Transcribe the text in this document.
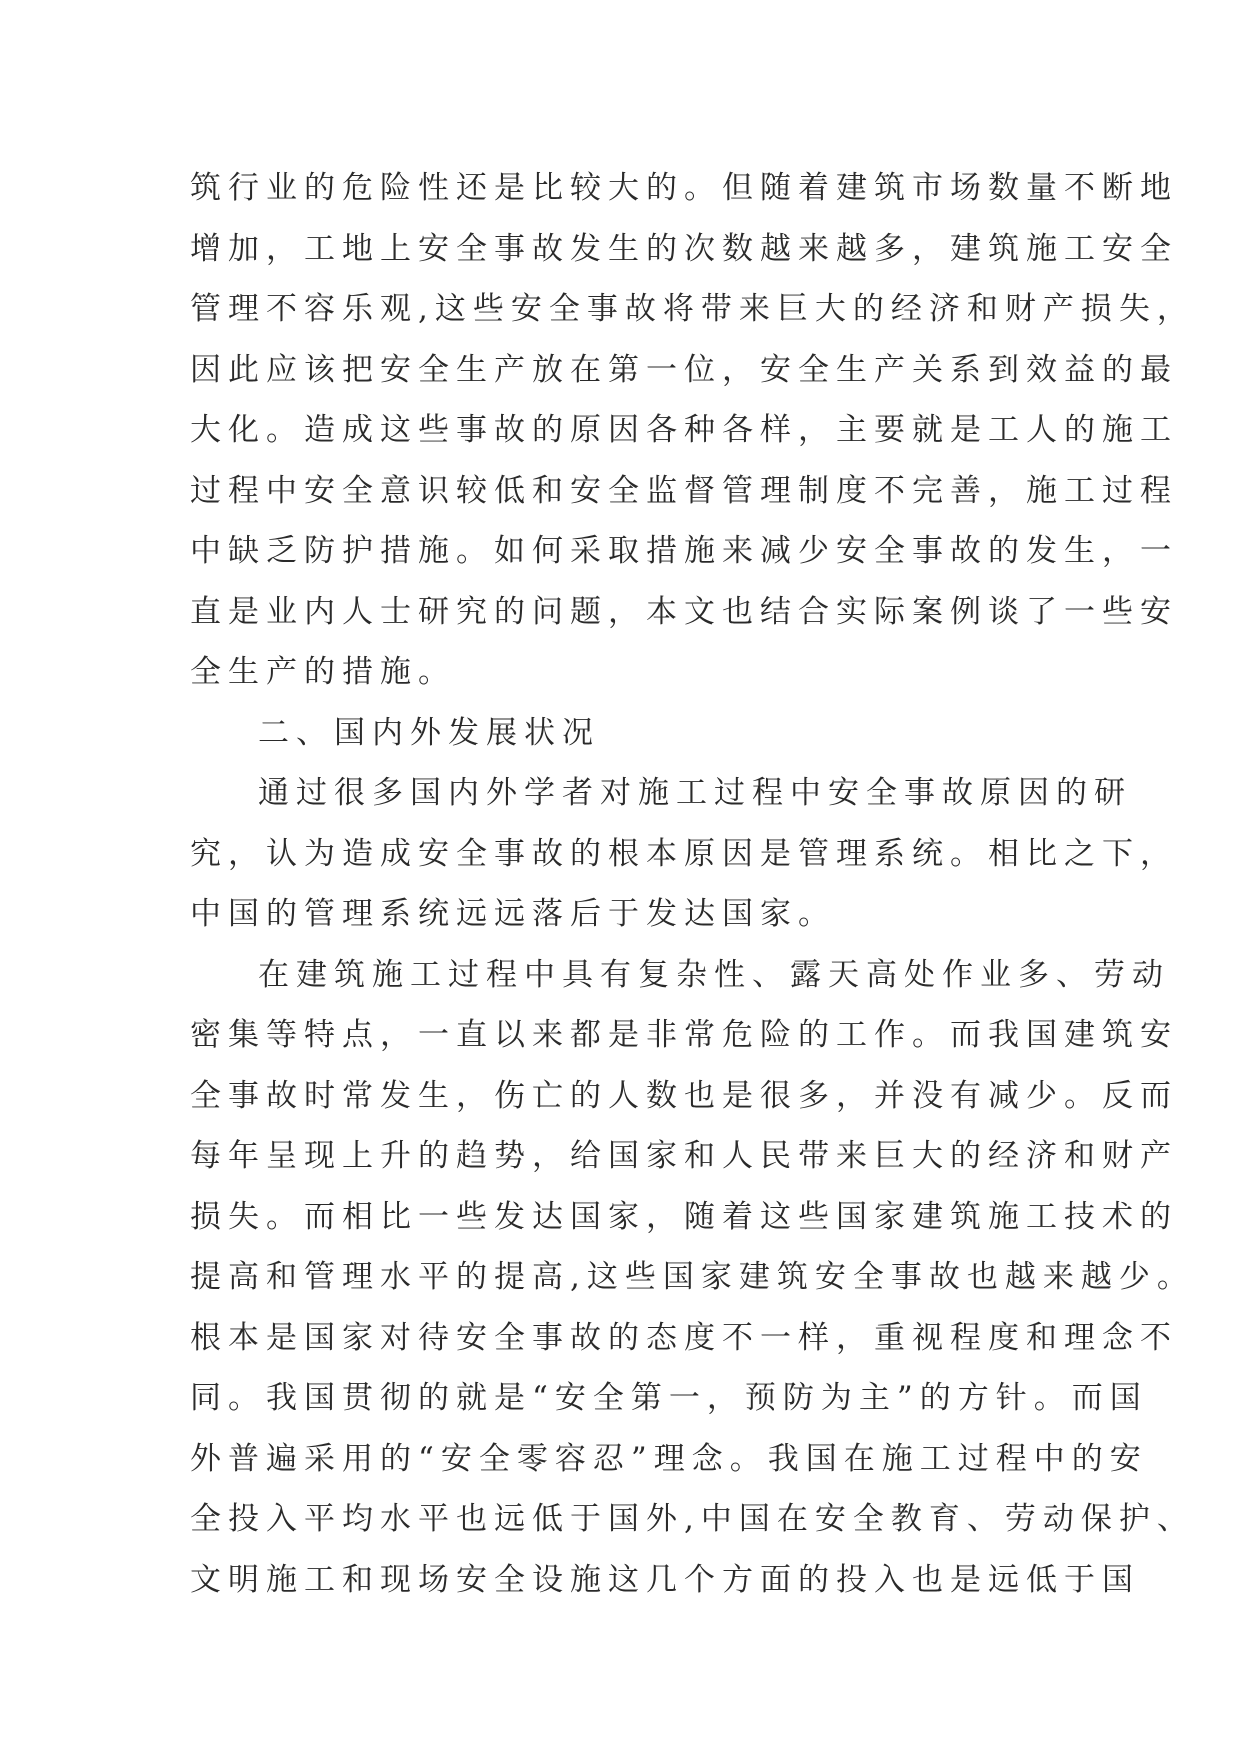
筑行业的危险性还是比较大的。但随着建筑市场数量不断地
增加，工地上安全事故发生的次数越来越多，建筑施工安全
管理不容乐观,这些安全事故将带来巨大的经济和财产损失，
因此应该把安全生产放在第一位，安全生产关系到效益的最
大化。造成这些事故的原因各种各样，主要就是工人的施工
过程中安全意识较低和安全监督管理制度不完善，施工过程
中缺乏防护措施。如何采取措施来减少安全事故的发生，一
直是业内人士研究的问题，本文也结合实际案例谈了一些安
全生产的措施。
二、国内外发展状况
通过很多国内外学者对施工过程中安全事故原因的研
究，认为造成安全事故的根本原因是管理系统。相比之下，
中国的管理系统远远落后于发达国家。
在建筑施工过程中具有复杂性、露天高处作业多、劳动
密集等特点，一直以来都是非常危险的工作。而我国建筑安
全事故时常发生，伤亡的人数也是很多，并没有减少。反而
每年呈现上升的趋势，给国家和人民带来巨大的经济和财产
损失。而相比一些发达国家，随着这些国家建筑施工技术的
提高和管理水平的提高,这些国家建筑安全事故也越来越少。
根本是国家对待安全事故的态度不一样，重视程度和理念不
同。我国贯彻的就是“安全第一，预防为主”的方针。而国
外普遍采用的“安全零容忍”理念。我国在施工过程中的安
全投入平均水平也远低于国外,中国在安全教育、劳动保护、
文明施工和现场安全设施这几个方面的投入也是远低于国
